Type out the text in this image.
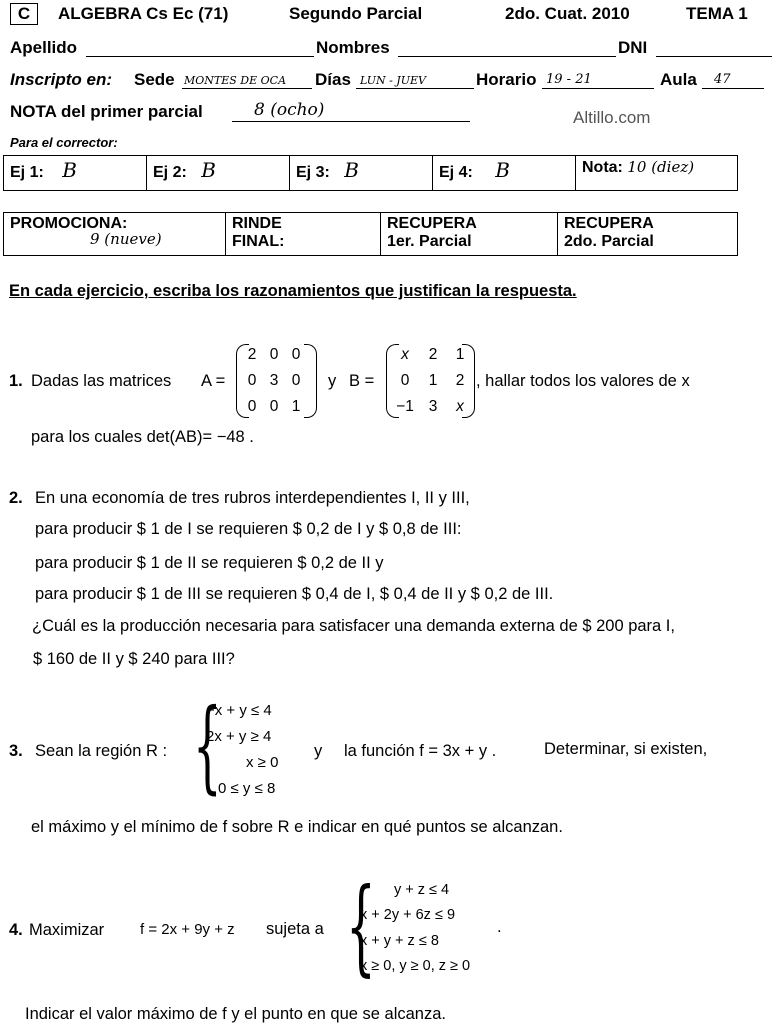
C	ALGEBRA Cs Ec (71)	Segundo Parcial	2do. Cuat. 2010	TEMA 1
Apellido	Nombres	DNI
Inscripto en: Sede MONTES DE OCA Días LUN - JUEV	Horario 19 - 21	Aula 47
NOTA del primer parcial	8 (ocho)	Altillo.com
Para el corrector:
Ej 1: B	Ej 2: B	Ej 3: B	Ej 4: B	Nota: 10 (diez)
PROMOCIONA:
9 (nueve)

RINDE
FINAL:

RECUPERA
1er. Parcial

RECUPERA
2do. Parcial
En cada ejercicio, escriba los razonamientos que justifican la respuesta.
1. Dadas las matrices A =
2 0 0
0 3 0
0 0 1
y B =
x	2	1
0	1	2
−1 3	x
, hallar todos los valores de x
para los cuales det(AB)= −48 .
2. En una economía de tres rubros interdependientes I, II y III,
para producir $ 1 de I se requieren $ 0,2 de I y $ 0,8 de III:
para producir $ 1 de II se requieren $ 0,2 de II y
para producir $ 1 de III se requieren $ 0,4 de I, $ 0,4 de II y $ 0,2 de III.
¿Cuál es la producción necesaria para satisfacer una demanda externa de $ 200 para I,
$ 160 de II y $ 240 para III?
3. Sean la región R : {
−x + y ≤ 4
2x + y ≥ 4
x ≥ 0
0 ≤ y ≤ 8
y la función f = 3x + y .	Determinar, si existen,
el máximo y el mínimo de f sobre R e indicar en qué puntos se alcanzan.
4. Maximizar f = 2x + 9y + z sujeta a { y + z ≤ 4
x + 2y + 6z ≤ 9
x + y + z ≤ 8
x ≥ 0, y ≥ 0, z ≥ 0
.
Indicar el valor máximo de f y el punto en que se alcanza.
